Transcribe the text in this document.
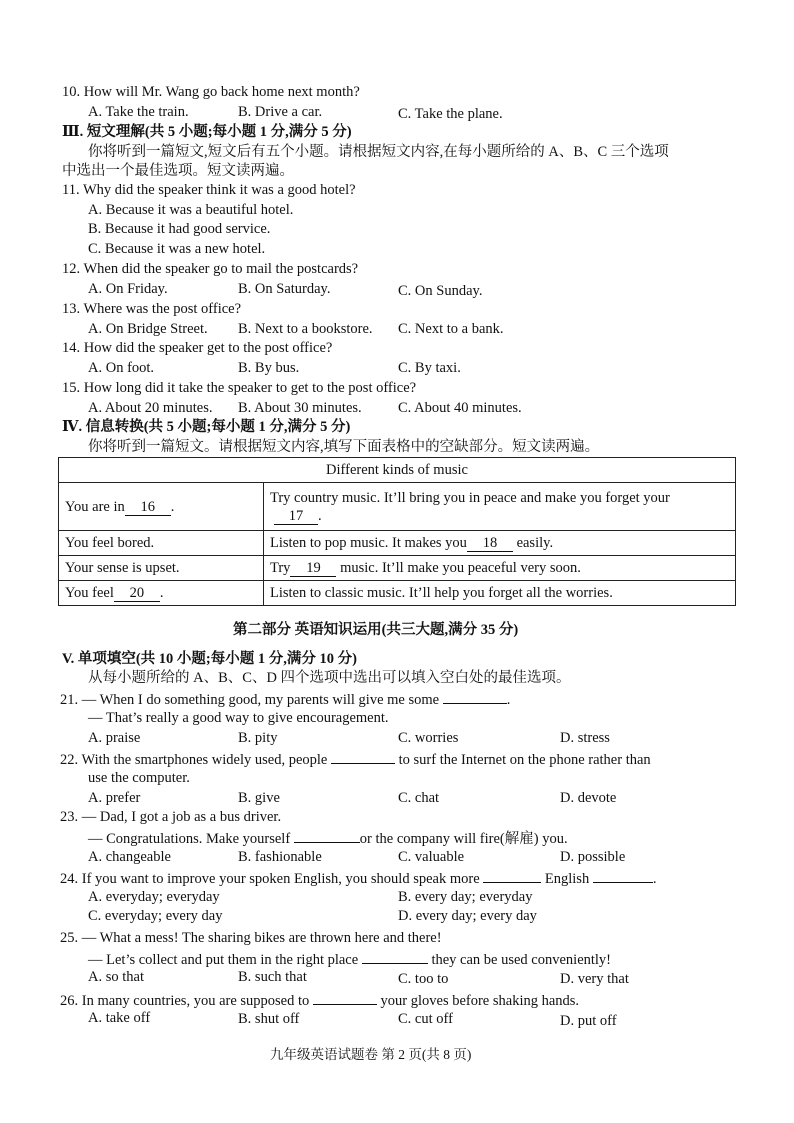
10. How will Mr. Wang go back home next month?
A. Take the train.	B. Drive a car.	C. Take the plane.
Ⅲ. 短文理解(共 5 小题;每小题 1 分,满分 5 分)
你将听到一篇短文,短文后有五个小题。请根据短文内容,在每小题所给的 A、B、C 三个选项
中选出一个最佳选项。短文读两遍。
11. Why did the speaker think it was a good hotel?
A. Because it was a beautiful hotel.
B. Because it had good service.
C. Because it was a new hotel.
12. When did the speaker go to mail the postcards?
A. On Friday.	B. On Saturday.	C. On Sunday.
13. Where was the post office?
A. On Bridge Street. B. Next to a bookstore. C. Next to a bank.
14. How did the speaker get to the post office?
A. On foot.	B. By bus.	C. By taxi.
15. How long did it take the speaker to get to the post office?
A. About 20 minutes. B. About 30 minutes.	C. About 40 minutes.
Ⅳ. 信息转换(共 5 小题;每小题 1 分,满分 5 分)
你将听到一篇短文。请根据短文内容,填写下面表格中的空缺部分。短文读两遍。
Different kinds of music	
You are in 16 .	Try country music. It’ll bring you in peace and make you forget your
17 .

You feel bored.	Listen to pop music. It makes you 18 easily.
Your sense is upset.	Try 19 music. It’ll make you peaceful very soon.
You feel 20 .	Listen to classic music. It’ll help you forget all the worries.
第二部分 英语知识运用(共三大题,满分 35 分)
V. 单项填空(共 10 小题;每小题 1 分,满分 10 分)
从每小题所给的 A、B、C、D 四个选项中选出可以填入空白处的最佳选项。
21. — When I do something good, my parents will give me some	.
— That’s really a good way to give encouragement.
A. praise	B. pity	C. worries	D. stress
22. With the smartphones widely used, people	to surf the Internet on the phone rather than
use the computer.
A. prefer	B. give	C. chat	D. devote
23. — Dad, I got a job as a bus driver.
— Congratulations. Make yourself	or the company will fire(解雇) you.
A. changeable	B. fashionable	C. valuable	D. possible
24. If you want to improve your spoken English, you should speak more	English	.
A. everyday; everyday	B. every day; everyday
C. everyday; every day	D. every day; every day
25. — What a mess! The sharing bikes are thrown here and there!
— Let’s collect and put them in the right place	they can be used conveniently!
A. so that	B. such that	C. too to	D. very that
26. In many countries, you are supposed to	your gloves before shaking hands.
A. take off	B. shut off	C. cut off	D. put off
九年级英语试题卷 第 2 页(共 8 页)
